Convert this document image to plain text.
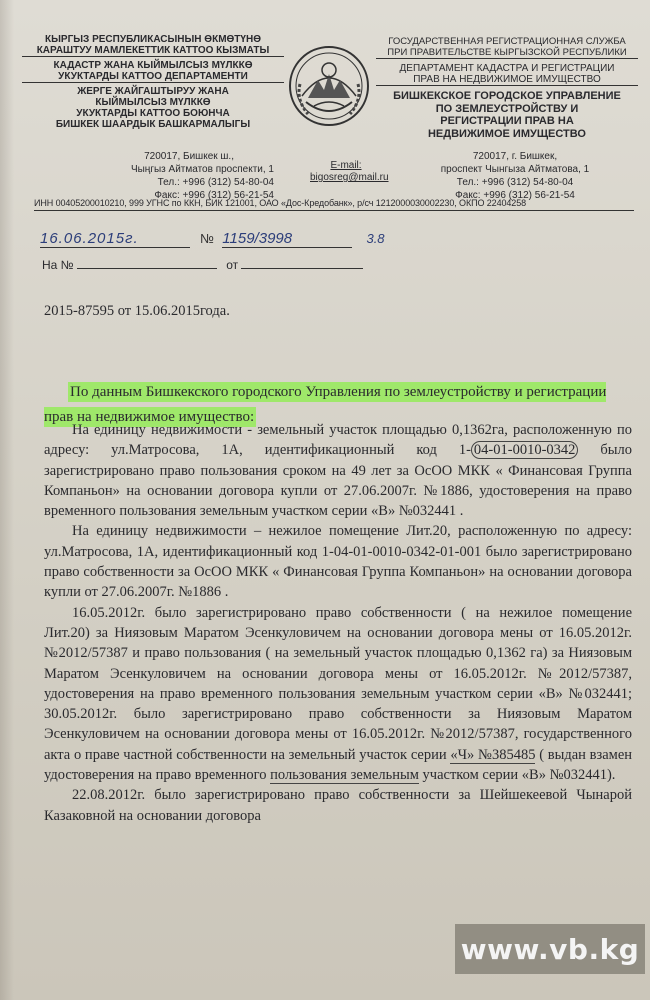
КЫРГЫЗ РЕСПУБЛИКАСЫНЫН ӨКМӨТҮНӨ
КАРАШТУУ МАМЛЕКЕТТИК КАТТОО КЫЗМАТЫ
КАДАСТР ЖАНА КЫЙМЫЛСЫЗ МҮЛККӨ
УКУКТАРДЫ КАТТОО ДЕПАРТАМЕНТИ
ЖЕРГЕ ЖАЙГАШТЫРУУ ЖАНА
КЫЙМЫЛСЫЗ МҮЛККӨ
УКУКТАРДЫ КАТТОО БОЮНЧА
БИШКЕК ШААРДЫК БАШКАРМАЛЫГЫ
ГОСУДАРСТВЕННАЯ РЕГИСТРАЦИОННАЯ СЛУЖБА
ПРИ ПРАВИТЕЛЬСТВЕ КЫРГЫЗСКОЙ РЕСПУБЛИКИ
ДЕПАРТАМЕНТ КАДАСТРА И РЕГИСТРАЦИИ
ПРАВ НА НЕДВИЖИМОЕ ИМУЩЕСТВО
БИШКЕКСКОЕ ГОРОДСКОЕ УПРАВЛЕНИЕ
ПО ЗЕМЛЕУСТРОЙСТВУ И
РЕГИСТРАЦИИ ПРАВ НА
НЕДВИЖИМОЕ ИМУЩЕСТВО
720017, Бишкек ш.,
Чыңгыз Айтматов проспекти, 1
Тел.: +996 (312) 54-80-04
Факс: +996 (312) 56-21-54
E-mail:
bigosreg@mail.ru
720017, г. Бишкек,
проспект Чынгыза Айтматова, 1
Тел.: +996 (312) 54-80-04
Факс: +996 (312) 56-21-54
ИНН 00405200010210, 999 УГНС по ККН, БИК 121001, ОАО «Дос-Кредобанк», р/сч 1212000030002230, ОКПО 22404258
16.06.2015г.	№ 1159/3998	3.8
На №	от
2015-87595 от 15.06.2015года.
По данным Бишкекского городского Управления по землеустройству и регистрации прав на недвижимое имущество:

На единицу недвижимости - земельный участок площадью 0,1362га, расположенную по адресу: ул.Матросова, 1А, идентификационный код 1- 04-01-0010-0342 было зарегистрировано право пользования сроком на 49 лет за ОсОО МКК « Финансовая Группа Компаньон» на основании договора купли от 27.06.2007г. №1886, удостоверения на право временного пользования земельным участком серии «В» №032441 .

На единицу недвижимости – нежилое помещение Лит.20, расположенную по адресу: ул.Матросова, 1А, идентификационный код 1-04-01-0010-0342-01-001 было зарегистрировано право собственности за ОсОО МКК « Финансовая Группа Компаньон» на основании договора купли от 27.06.2007г. №1886 .

16.05.2012г. было зарегистрировано право собственности ( на нежилое помещение Лит.20) за Ниязовым Маратом Эсенкуловичем на основании договора мены от 16.05.2012г. №2012/57387 и право пользования ( на земельный участок площадью 0,1362 га) за Ниязовым Маратом Эсенкуловичем на основании договора мены от 16.05.2012г. №2012/57387, удостоверения на право временного пользования земельным участком серии «В» №032441; 30.05.2012г. было зарегистрировано право собственности за Ниязовым Маратом Эсенкуловичем на основании договора мены от 16.05.2012г. №2012/57387, государственного акта о праве частной собственности на земельный участок серии «Ч» №385485 ( выдан взамен удостоверения на право временного пользования земельным участком серии «В» №032441).

22.08.2012г. было зарегистрировано право собственности за Шейшекеевой Чынарой Казаковной на основании договора

www.vb.kg
